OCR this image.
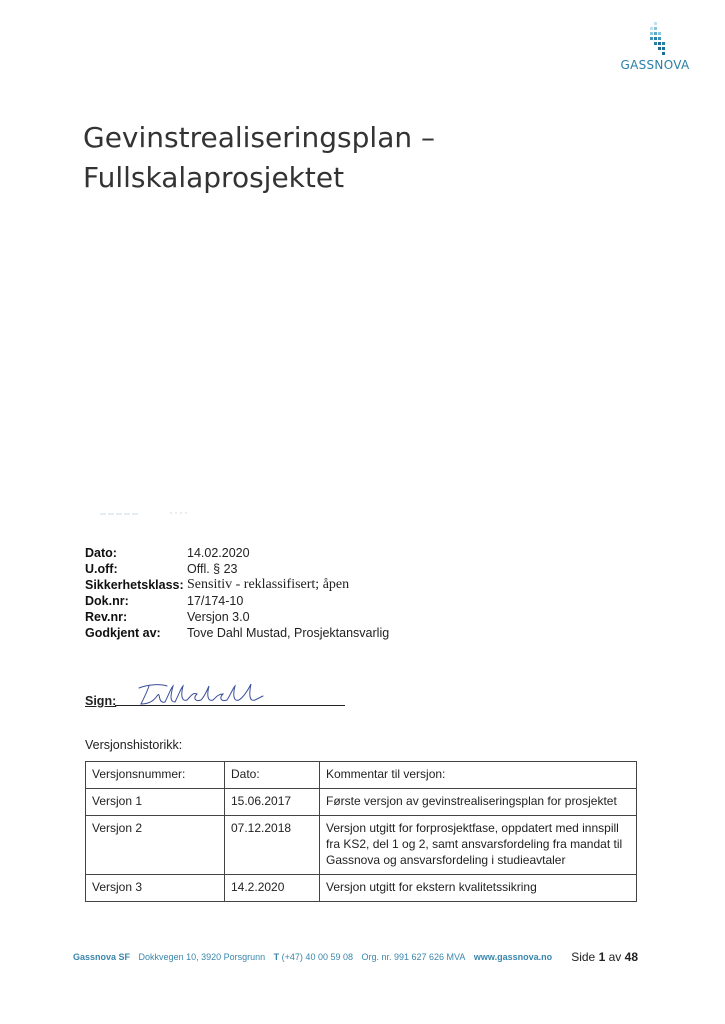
GASSNOVA
Gevinstrealiseringsplan –
Fullskalaprosjektet
Dato:	14.02.2020
U.off:	Offl. § 23
Sikkerhetsklass: Sensitiv - reklassifisert; åpen
Dok.nr:	17/174-10
Rev.nr:	Versjon 3.0
Godkjent av:	Tove Dahl Mustad, Prosjektansvarlig
Sign:
Versjonshistorikk:
Versjonsnummer:	Dato:	Kommentar til versjon:
Versjon 1	15.06.2017	Første versjon av gevinstrealiseringsplan for prosjektet
Versjon 2	07.12.2018	Versjon utgitt for forprosjektfase, oppdatert med innspill fra KS2, del 1 og 2, samt ansvarsfordeling fra mandat til Gassnova og ansvarsfordeling i studieavtaler
Versjon 3	14.2.2020	Versjon utgitt for ekstern kvalitetssikring
Gassnova SF Dokkvegen 10, 3920 Porsgrunn T (+47) 40 00 59 08 Org. nr. 991 627 626 MVA www.gassnova.no Side 1 av 48
